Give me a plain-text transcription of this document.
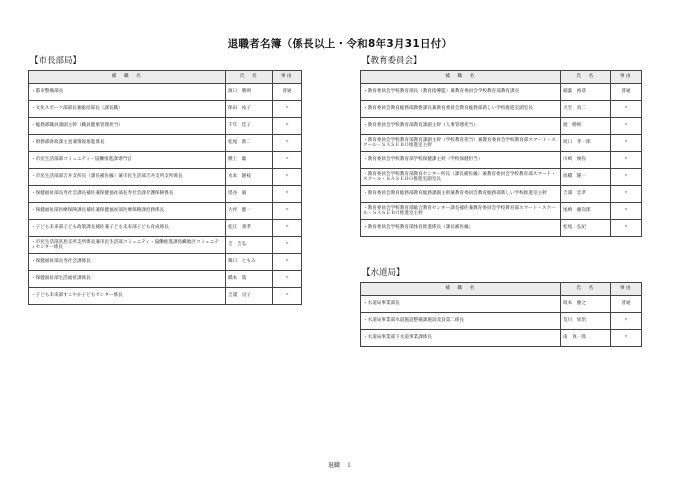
退職者名簿（係長以上・令和8年3月31日付）
【市長部局】
補　職　名	氏　名	事由
・都市整備部長	濱口　勝則	普通
・文化スポーツ部部長兼総括部長（課長職）	保田　祐子	〃
・総務部職員課副主幹（職員健康管理担当）	千年　佳子	〃
・財務部財政課主査兼情報推進係長	松尾　新二	〃
・市民生活部部コミュニティ・協働推進課専門官	横上　聡	〃
・市民生活部部吉井支所長（課長補佐級）兼市民生活部吉井支所支所係長	水本　隆枝	〃
・保健福祉部長寿社会課長補佐兼保健福祉部長寿社会課介護保険係長	堤谷　毅	〃
・保健福祉部医療保険課長補佐兼保健福祉部医療保険課庶務係長	大坪　健一	〃
・子ども未来部子ども政策課長補佐兼子ども未来部子ども育成係長	松江　義孝	〃
・市民生活部宮島支所支所係長兼市民生活部コミュニティ・協働推進課島嶼地区コミュニティセンター係長	吉　吉弘	〃
・保健福祉部長寿社会課係長	篠口　ともみ	〃
・保健福祉部生活福祉課係長	橋本　篤	〃
・子ども未来部すこやか子どもセンター係長	吉浦　良子	〃
【教育委員会】
補　職　名	氏　名	事由
・教育委員会学校教育部長（教育指導監）兼教育委員会学校教育部教育課長	稲葉　裕恭	普通
・教育委員会教育総務部教務課長兼教育委員会教育総務部新しい学校推進室副室長	大宅　真二	〃
・教育委員会学校教育部教育課副主幹（人事管理担当）	渡　勝則	〃
・教育委員会学校教育部教育課副主幹（学校教育担当）兼教育委員会学校教育部スマート・スクール・ＳＡＳＥＢＯ推進室主幹	坂口　孝一郎	〃
・教育委員会学校教育部学校保健課主幹（学校保健担当）	川崎　俊弥	〃
・教育委員会学校教育部教育センター所長（課長補佐級）兼教育委員会学校教育部スマート・スクール・ＳＡＳＥＢＯ推進室副室長	高橋　隆一	〃
・教育委員会教育総務部教育総務課副主幹兼教育委員会教育総務部新しい学校推進室主幹	吉浦　忠孝	〃
・教育委員会学校教育部総合教育センター課長補佐兼教育委員会学校教育部スマート・スクール・ＳＡＳＥＢＯ推進室主幹	尾崎　慶次郎	〃
・教育委員会学校教育部体育推進係長（課長補佐級）	松尾　弘紀	〃
【水道局】
補　職　名	氏　名	事由
・水道局事業部長	坂本　慶之	普通
・水道局事業部水道施設整備課施設改良第二係長	荒川　栄治	〃
・水道局事業部下水道事業課係長	南　真一郎	〃
退職　１
